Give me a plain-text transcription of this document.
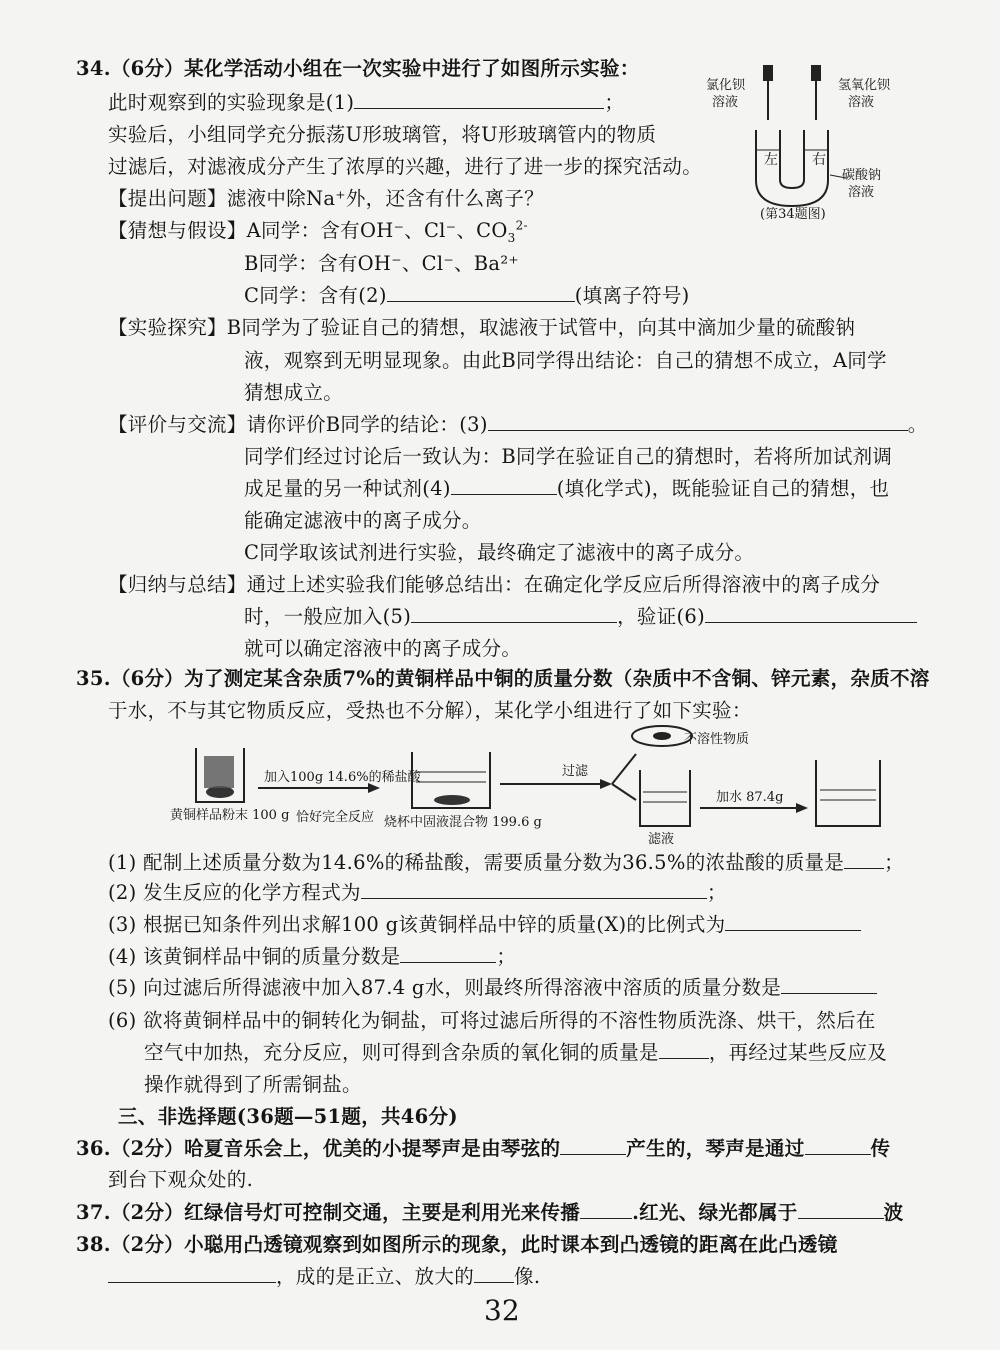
34.（6分）某化学活动小组在一次实验中进行了如图所示实验：
此时观察到的实验现象是(1)	；
实验后，小组同学充分振荡U形玻璃管，将U形玻璃管内的物质
过滤后，对滤液成分产生了浓厚的兴趣，进行了进一步的探究活动。
【提出问题】滤液中除Na⁺外，还含有什么离子？
【猜想与假设】A同学：含有OH⁻、Cl⁻、$CO_3^{2-}$
B同学：含有OH⁻、Cl⁻、Ba²⁺
C同学：含有(2)	(填离子符号)
【实验探究】B同学为了验证自己的猜想，取滤液于试管中，向其中滴加少量的硫酸钠
液，观察到无明显现象。由此B同学得出结论：自己的猜想不成立，A同学
猜想成立。
【评价与交流】请你评价B同学的结论：(3)	。
同学们经过讨论后一致认为：B同学在验证自己的猜想时，若将所加试剂调
成足量的另一种试剂(4)	(填化学式)，既能验证自己的猜想，也
能确定滤液中的离子成分。
C同学取该试剂进行实验，最终确定了滤液中的离子成分。
【归纳与总结】通过上述实验我们能够总结出：在确定化学反应后所得溶液中的离子成分
时，一般应加入(5)	，验证(6)
就可以确定溶液中的离子成分。
氯化钡
溶液
氢氧化钡
溶液
左 右
碳酸钠
溶液
(第34题图)
35.（6分）为了测定某含杂质7%的黄铜样品中铜的质量分数（杂质中不含铜、锌元素，杂质不溶
于水，不与其它物质反应，受热也不分解），某化学小组进行了如下实验：
黄铜样品粉末 100 g
加入100g 14.6%的稀盐酸
恰好完全反应 烧杯中固液混合物 199.6 g
过滤
不溶性物质
滤液
加水 87.4g
(1) 配制上述质量分数为14.6%的稀盐酸，需要质量分数为36.5%的浓盐酸的质量是 ；
(2) 发生反应的化学方程式为	；
(3) 根据已知条件列出求解100 g该黄铜样品中锌的质量(X)的比例式为
(4) 该黄铜样品中铜的质量分数是	；
(5) 向过滤后所得滤液中加入87.4 g水，则最终所得溶液中溶质的质量分数是
(6) 欲将黄铜样品中的铜转化为铜盐，可将过滤后所得的不溶性物质洗涤、烘干，然后在
空气中加热，充分反应，则可得到含杂质的氧化铜的质量是	，再经过某些反应及
操作就得到了所需铜盐。
三、非选择题(36题—51题，共46分)
36.（2分）哈夏音乐会上，优美的小提琴声是由琴弦的	产生的，琴声是通过	传
到台下观众处的.
37.（2分）红绿信号灯可控制交通，主要是利用光来传播	.红光、绿光都属于	波
38.（2分）小聪用凸透镜观察到如图所示的现象，此时课本到凸透镜的距离在此凸透镜
，成的是正立、放大的 像.
32
